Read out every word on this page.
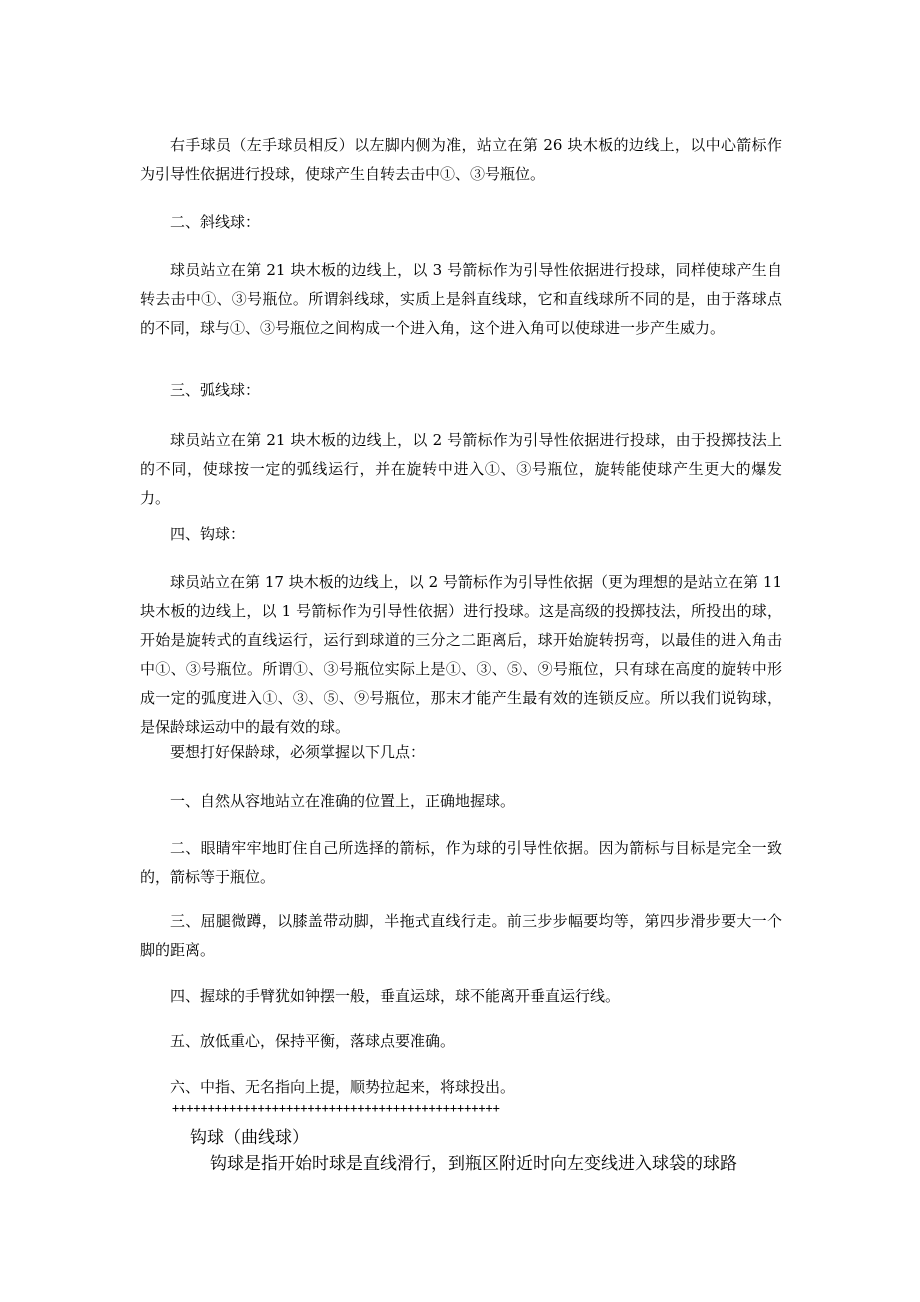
右手球员（左手球员相反）以左脚内侧为准，站立在第 26 块木板的边线上，以中心箭标作为引导性依据进行投球，使球产生自转去击中①、③号瓶位。

二、斜线球：

球员站立在第 21 块木板的边线上，以 3 号箭标作为引导性依据进行投球，同样使球产生自转去击中①、③号瓶位。所谓斜线球，实质上是斜直线球，它和直线球所不同的是，由于落球点的不同，球与①、③号瓶位之间构成一个进入角，这个进入角可以使球进一步产生威力。

三、弧线球：

球员站立在第 21 块木板的边线上，以 2 号箭标作为引导性依据进行投球，由于投掷技法上的不同，使球按一定的弧线运行，并在旋转中进入①、③号瓶位，旋转能使球产生更大的爆发力。

四、钩球：

球员站立在第 17 块木板的边线上，以 2 号箭标作为引导性依据（更为理想的是站立在第 11 块木板的边线上，以 1 号箭标作为引导性依据）进行投球。这是高级的投掷技法，所投出的球，开始是旋转式的直线运行，运行到球道的三分之二距离后，球开始旋转拐弯，以最佳的进入角击中①、③号瓶位。所谓①、③号瓶位实际上是①、③、⑤、⑨号瓶位，只有球在高度的旋转中形成一定的弧度进入①、③、⑤、⑨号瓶位，那末才能产生最有效的连锁反应。所以我们说钩球，是保龄球运动中的最有效的球。

要想打好保龄球，必须掌握以下几点：

一、自然从容地站立在准确的位置上，正确地握球。

二、眼睛牢牢地盯住自己所选择的箭标，作为球的引导性依据。因为箭标与目标是完全一致的，箭标等于瓶位。

三、屈腿微蹲，以膝盖带动脚，半拖式直线行走。前三步步幅要均等，第四步滑步要大一个脚的距离。

四、握球的手臂犹如钟摆一般，垂直运球，球不能离开垂直运行线。

五、放低重心，保持平衡，落球点要准确。

六、中指、无名指向上提，顺势拉起来，将球投出。

++++++++++++++++++++++++++++++++++++++++++++++
钩球（曲线球）
钩球是指开始时球是直线滑行，到瓶区附近时向左变线进入球袋的球路
